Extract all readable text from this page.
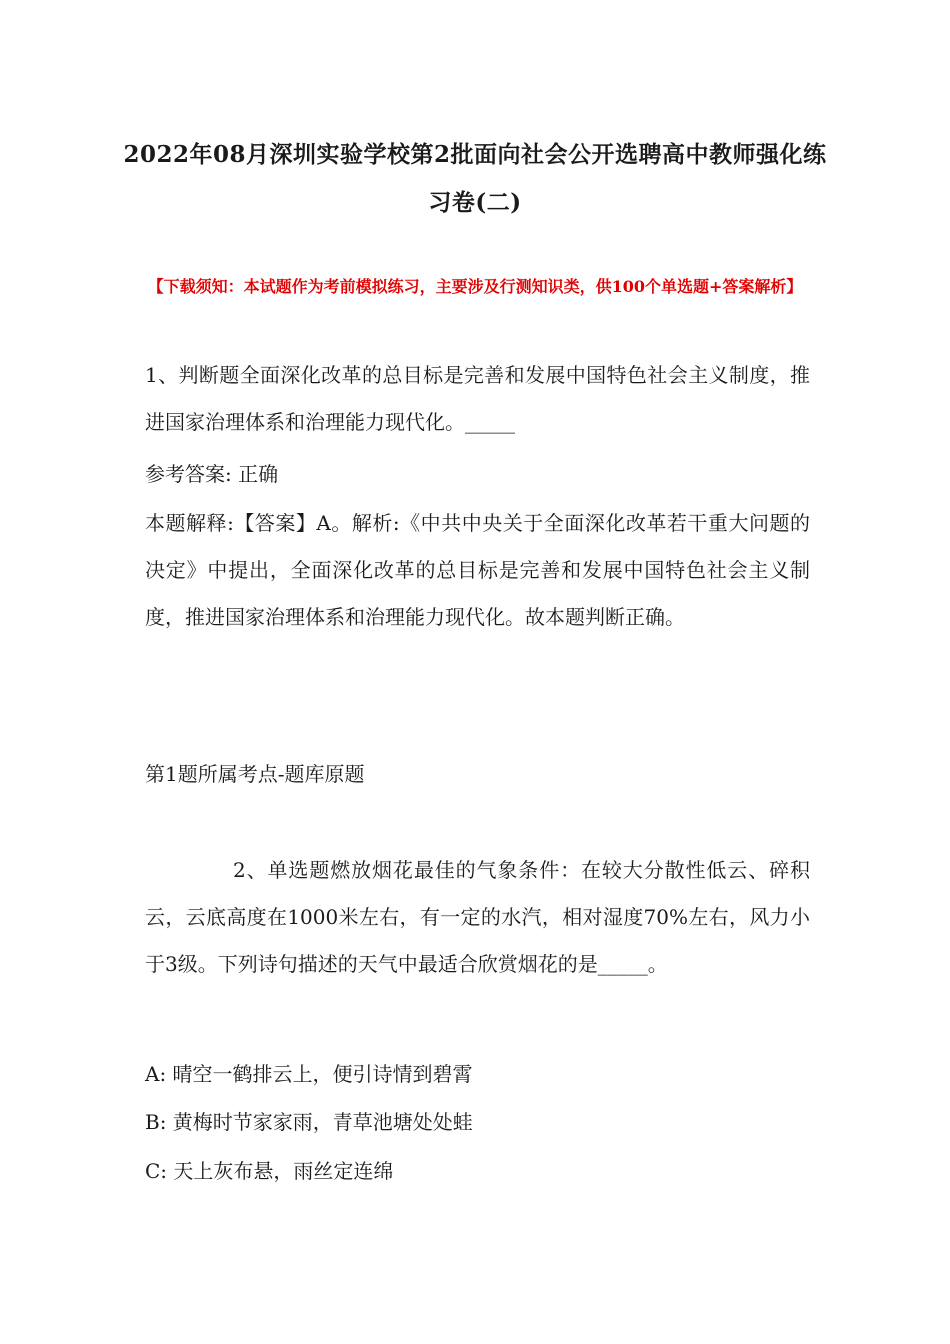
2022年08月深圳实验学校第2批面向社会公开选聘高中教师强化练习卷(二)
【下载须知：本试题作为考前模拟练习，主要涉及行测知识类，供100个单选题+答案解析】
1、判断题全面深化改革的总目标是完善和发展中国特色社会主义制度，推进国家治理体系和治理能力现代化。_____
参考答案: 正确
本题解释:【答案】A。解析:《中共中央关于全面深化改革若干重大问题的决定》中提出，全面深化改革的总目标是完善和发展中国特色社会主义制度，推进国家治理体系和治理能力现代化。故本题判断正确。
第1题所属考点-题库原题
2、单选题燃放烟花最佳的气象条件：在较大分散性低云、碎积云，云底高度在1000米左右，有一定的水汽，相对湿度70%左右，风力小于3级。下列诗句描述的天气中最适合欣赏烟花的是_____。
A: 晴空一鹤排云上，便引诗情到碧霄
B: 黄梅时节家家雨，青草池塘处处蛙
C: 天上灰布悬，雨丝定连绵
